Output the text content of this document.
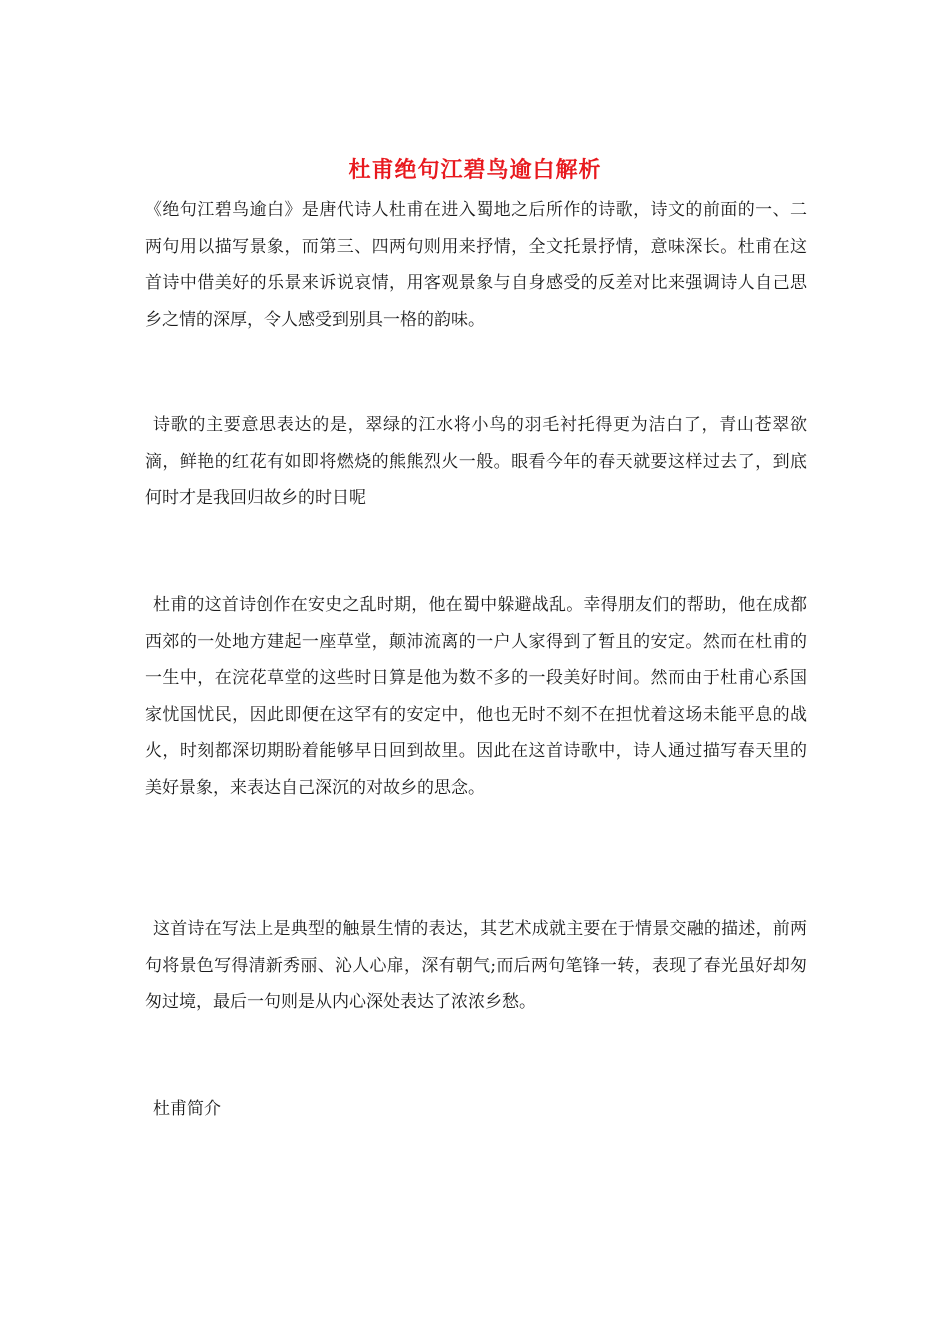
杜甫绝句江碧鸟逾白解析
《绝句江碧鸟逾白》是唐代诗人杜甫在进入蜀地之后所作的诗歌，诗文的前面的一、二两句用以描写景象，而第三、四两句则用来抒情，全文托景抒情，意味深长。杜甫在这首诗中借美好的乐景来诉说哀情，用客观景象与自身感受的反差对比来强调诗人自己思乡之情的深厚，令人感受到别具一格的韵味。
诗歌的主要意思表达的是，翠绿的江水将小鸟的羽毛衬托得更为洁白了，青山苍翠欲滴，鲜艳的红花有如即将燃烧的熊熊烈火一般。眼看今年的春天就要这样过去了，到底何时才是我回归故乡的时日呢
杜甫的这首诗创作在安史之乱时期，他在蜀中躲避战乱。幸得朋友们的帮助，他在成都西郊的一处地方建起一座草堂，颠沛流离的一户人家得到了暂且的安定。然而在杜甫的一生中，在浣花草堂的这些时日算是他为数不多的一段美好时间。然而由于杜甫心系国家忧国忧民，因此即便在这罕有的安定中，他也无时不刻不在担忧着这场未能平息的战火，时刻都深切期盼着能够早日回到故里。因此在这首诗歌中，诗人通过描写春天里的美好景象，来表达自己深沉的对故乡的思念。
这首诗在写法上是典型的触景生情的表达，其艺术成就主要在于情景交融的描述，前两句将景色写得清新秀丽、沁人心扉，深有朝气;而后两句笔锋一转，表现了春光虽好却匆匆过境，最后一句则是从内心深处表达了浓浓乡愁。
杜甫简介
